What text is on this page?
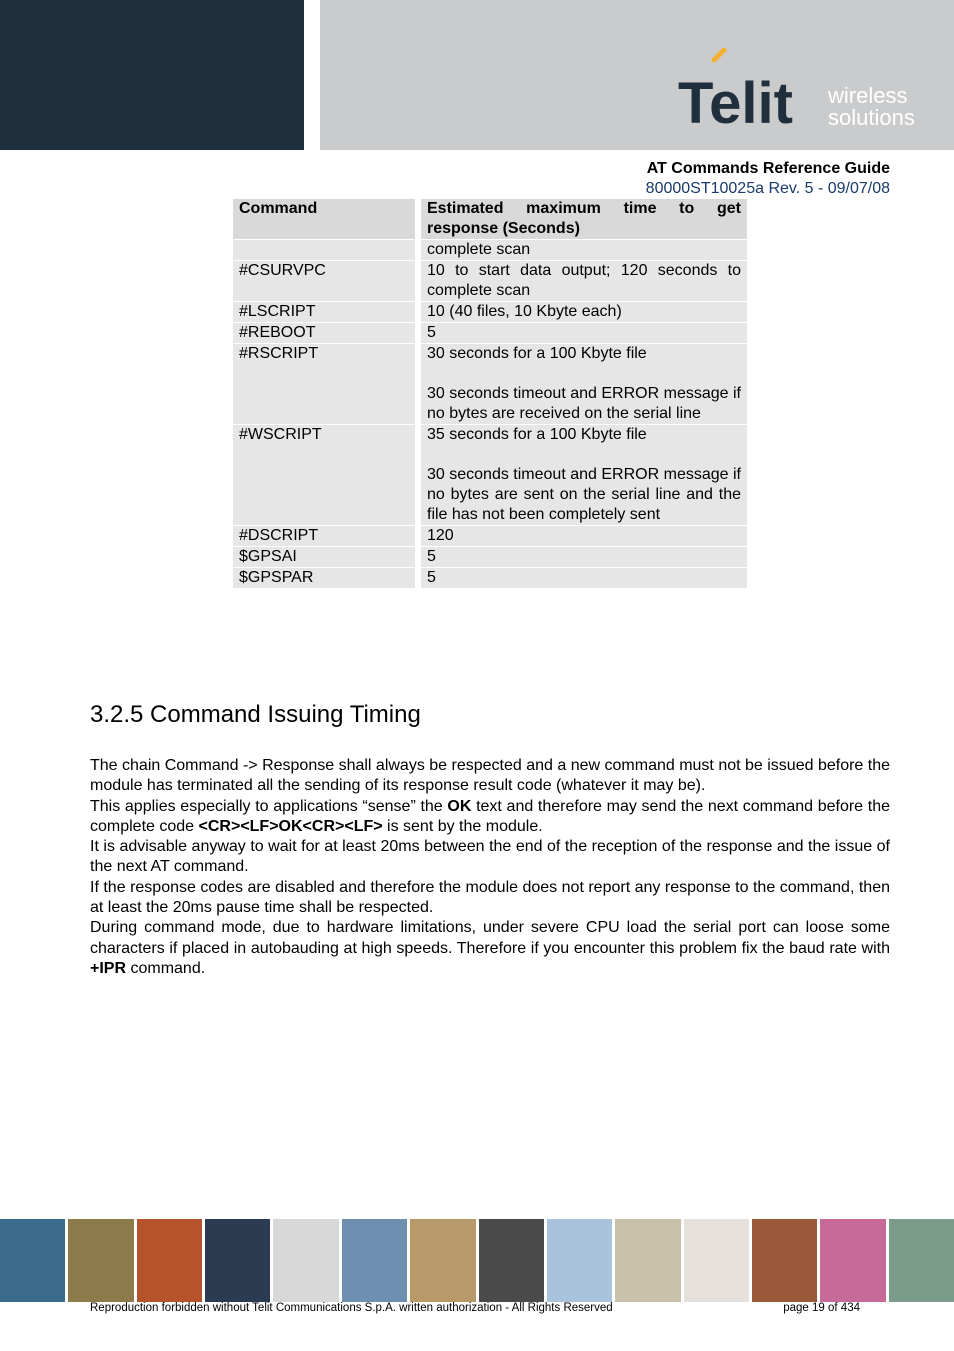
Telit wireless
solutions
AT Commands Reference Guide
80000ST10025a Rev. 5 - 09/07/08
Command	Estimated maximum time to get response (Seconds)
	complete scan
#CSURVPC	10 to start data output; 120 seconds to complete scan
#LSCRIPT	10 (40 files, 10 Kbyte each)
#REBOOT	5
#RSCRIPT	30 seconds for a 100 Kbyte file
30 seconds timeout and ERROR message if no bytes are received on the serial line

#WSCRIPT	35 seconds for a 100 Kbyte file
30 seconds timeout and ERROR message if no bytes are sent on the serial line and the file has not been completely sent

#DSCRIPT	120
$GPSAI	5
$GPSPAR	5
3.2.5 Command Issuing Timing

The chain Command -> Response shall always be respected and a new command must not be issued before the module has terminated all the sending of its response result code (whatever it may be).

This applies especially to applications “sense” the OK text and therefore may send the next command before the complete code <CR><LF>OK<CR><LF> is sent by the module.

It is advisable anyway to wait for at least 20ms between the end of the reception of the response and the issue of the next AT command.

If the response codes are disabled and therefore the module does not report any response to the command, then at least the 20ms pause time shall be respected.

During command mode, due to hardware limitations, under severe CPU load the serial port can loose some characters if placed in autobauding at high speeds. Therefore if you encounter this problem fix the baud rate with +IPR command.

Reproduction forbidden without Telit Communications S.p.A. written authorization - All Rights Reserved	page 19 of 434
